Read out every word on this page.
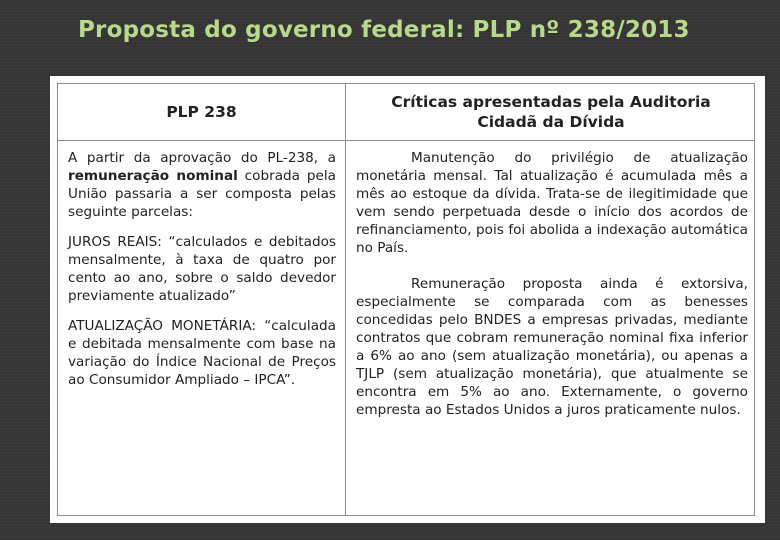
Proposta do governo federal: PLP nº 238/2013
PLP 238
Críticas apresentadas pela Auditoria
Cidadã da Dívida

A partir da aprovação do PL-238, a remuneração nominal cobrada pela União passaria a ser composta pelas seguinte parcelas:

JUROS REAIS: “calculados e debitados mensalmente, à taxa de quatro por cento ao ano, sobre o saldo devedor previamente atualizado”

ATUALIZAÇÃO MONETÁRIA: “calculada e debitada mensalmente com base na variação do Índice Nacional de Preços ao Consumidor Ampliado – IPCA”.

Manutenção do privilégio de atualização monetária mensal. Tal atualização é acumulada mês a mês ao estoque da dívida. Trata-se de ilegitimidade que vem sendo perpetuada desde o início dos acordos de refinanciamento, pois foi abolida a indexação automática no País.

Remuneração proposta ainda é extorsiva, especialmente se comparada com as benesses concedidas pelo BNDES a empresas privadas, mediante contratos que cobram remuneração nominal fixa inferior a 6% ao ano (sem atualização monetária), ou apenas a TJLP (sem atualização monetária), que atualmente se encontra em 5% ao ano. Externamente, o governo empresta ao Estados Unidos a juros praticamente nulos.
